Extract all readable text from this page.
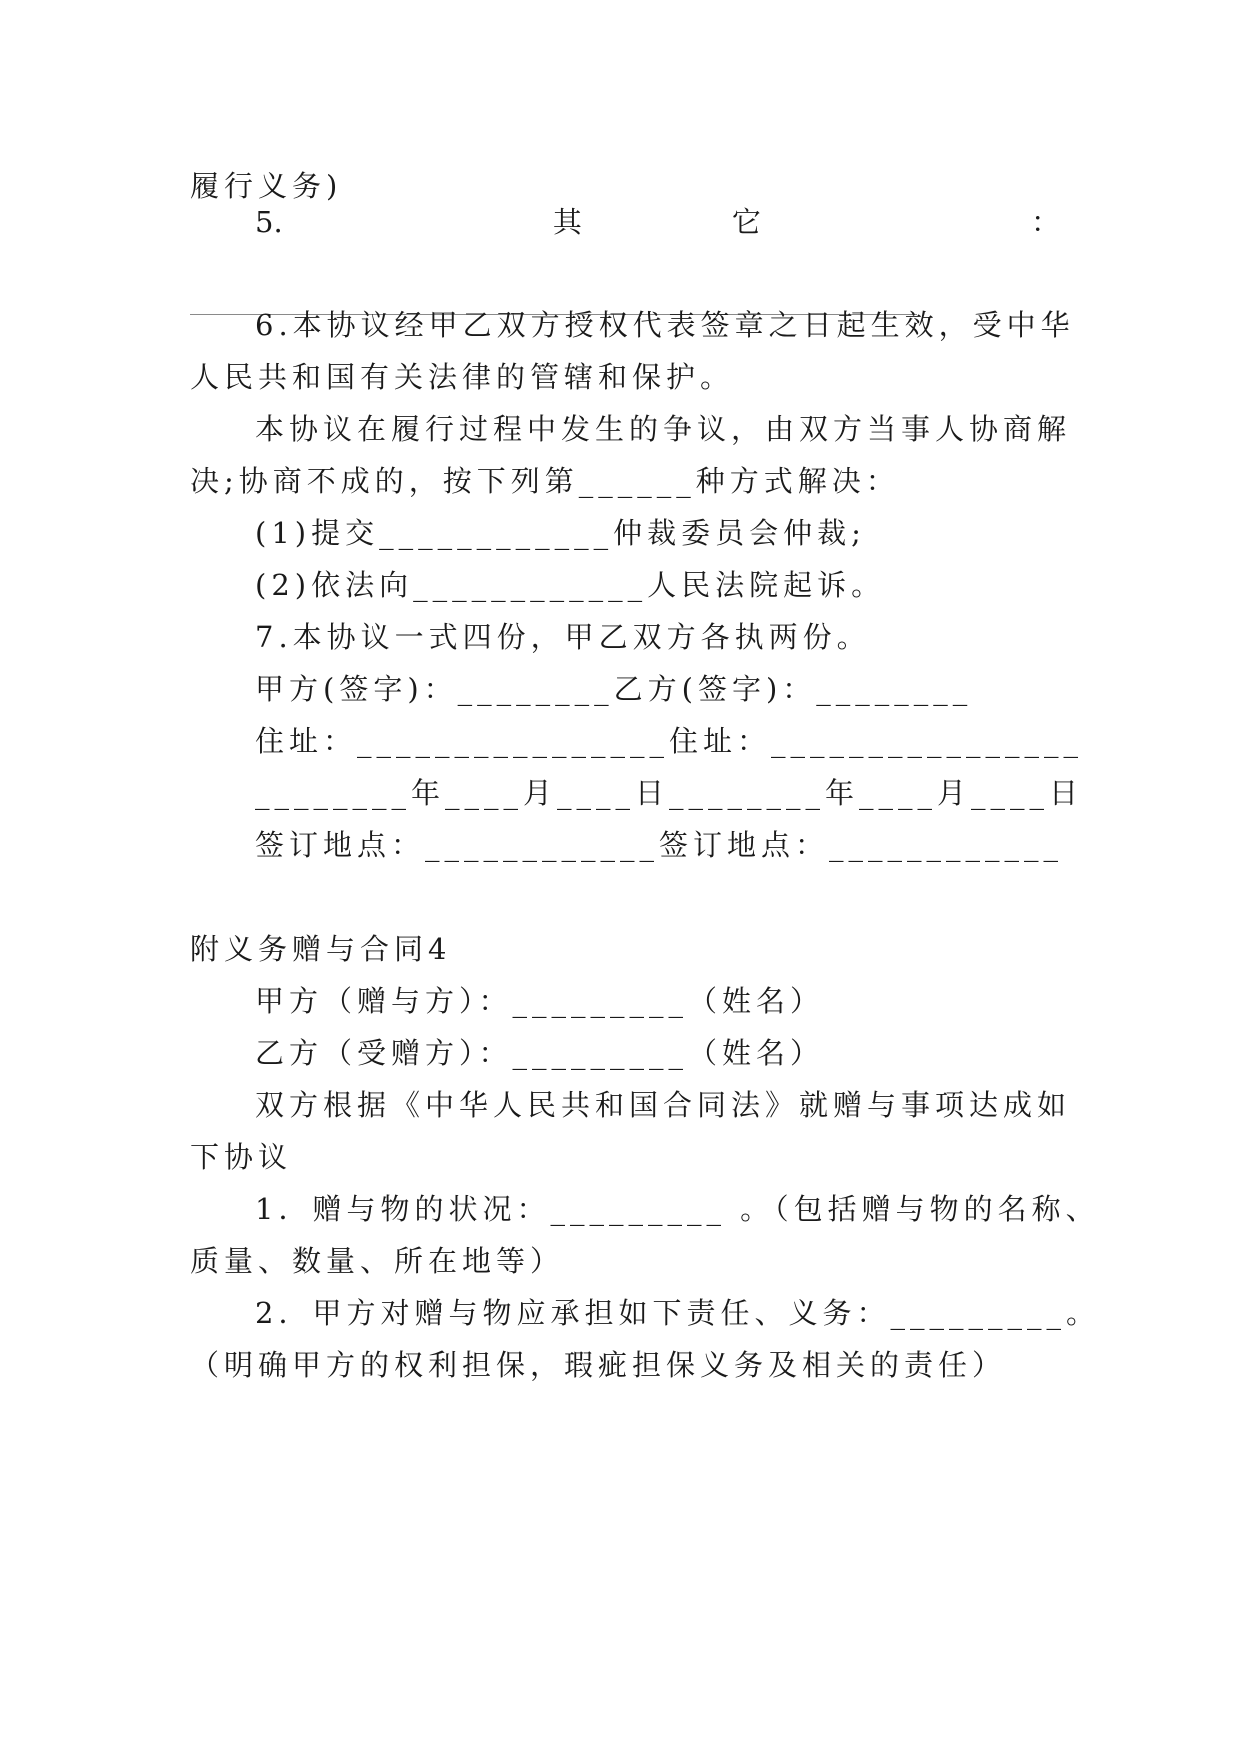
履行义务)
5.	其	它	：
6.本协议经甲乙双方授权代表签章之日起生效，受中华
人民共和国有关法律的管辖和保护。
本协议在履行过程中发生的争议，由双方当事人协商解
决;协商不成的，按下列第______种方式解决：
(1)提交____________仲裁委员会仲裁;
(2)依法向____________人民法院起诉。
7.本协议一式四份，甲乙双方各执两份。
甲方(签字)：________乙方(签字)：________
住址：________________住址：________________
________年____月____日________年____月____日
签订地点：____________签订地点：____________
附义务赠与合同4
甲方（赠与方）：_________（姓名）
乙方（受赠方）：_________（姓名）
双方根据《中华人民共和国合同法》就赠与事项达成如
下协议
1．赠与物的状况：_________ 。（包括赠与物的名称、
质量、数量、所在地等）
2．甲方对赠与物应承担如下责任、义务：_________。
（明确甲方的权利担保，瑕疵担保义务及相关的责任）
